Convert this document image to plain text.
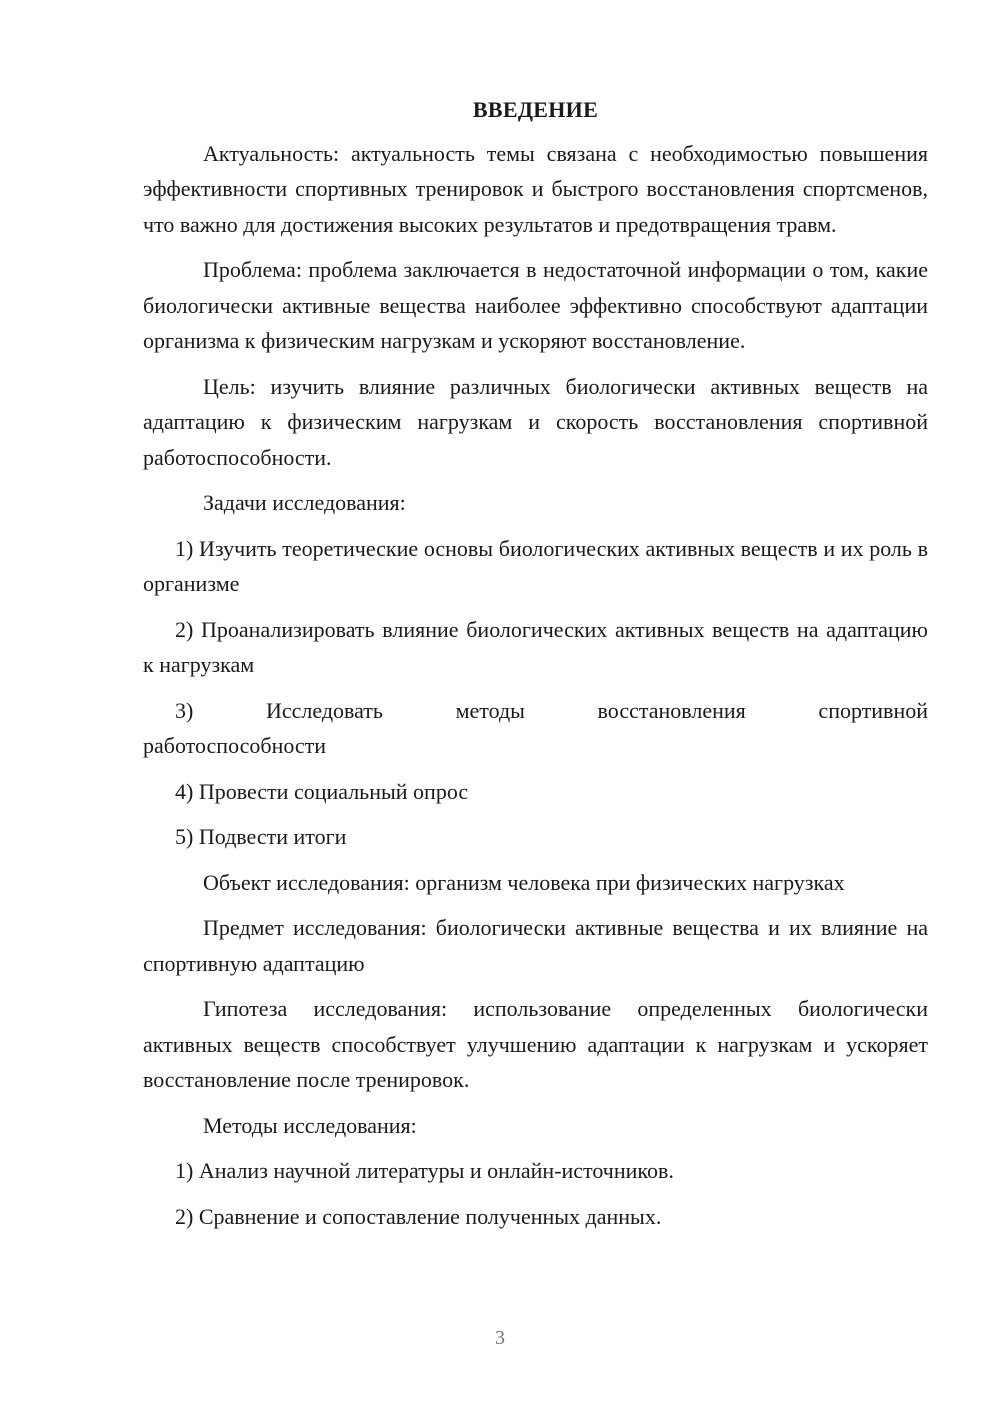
ВВЕДЕНИЕ

Актуальность: актуальность темы связана с необходимостью повышения эффективности спортивных тренировок и быстрого восстановления спортсменов, что важно для достижения высоких результатов и предотвращения травм.

Проблема: проблема заключается в недостаточной информации о том, какие биологически активные вещества наиболее эффективно способствуют адаптации организма к физическим нагрузкам и ускоряют восстановление.

Цель: изучить влияние различных биологически активных веществ на адаптацию к физическим нагрузкам и скорость восстановления спортивной работоспособности.

Задачи исследования:

1) Изучить теоретические основы биологических активных веществ и их роль в организме

2) Проанализировать влияние биологических активных веществ на адаптацию к нагрузкам

3) Исследовать методы восстановления спортивной

работоспособности

4) Провести социальный опрос

5) Подвести итоги

Объект исследования: организм человека при физических нагрузках

Предмет исследования: биологически активные вещества и их влияние на спортивную адаптацию

Гипотеза исследования: использование определенных биологически активных веществ способствует улучшению адаптации к нагрузкам и ускоряет восстановление после тренировок.

Методы исследования:

1) Анализ научной литературы и онлайн-источников.

2) Сравнение и сопоставление полученных данных.

3
